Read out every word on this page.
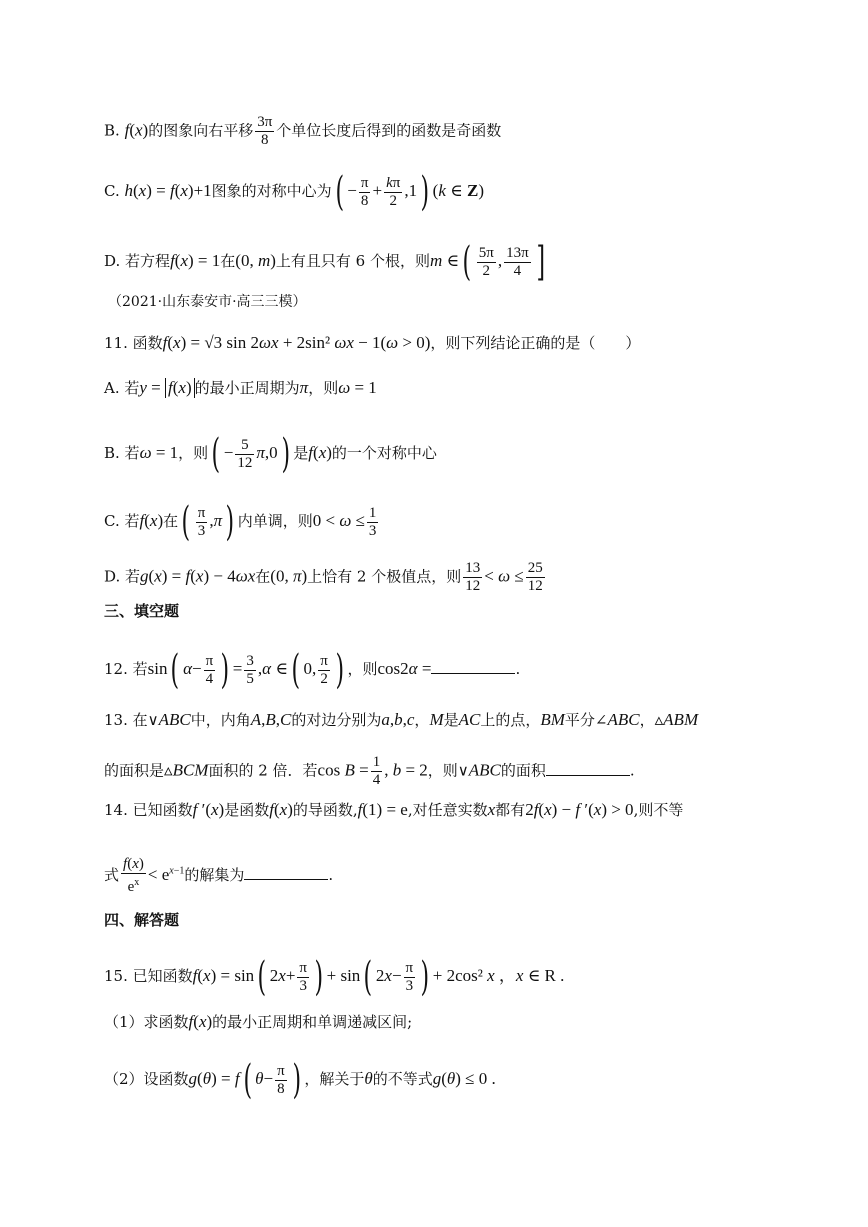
B. f(x)的图象向右平移 $\frac{3\pi}{8}$ 个单位长度后得到的函数是奇函数
C. h(x) = f(x)+1图象的对称中心为( − $\frac{\pi}{8} + \frac{k\pi}{2} ,1$) (k ∈ Z)
D. 若方程f(x) = 1在(0, m)上有且只有 6 个根，则m ∈( $\frac{5\pi}{2}$ , $\frac{13\pi}{4}$ ]
（2021·山东泰安市·高三三模）
11. 函数f(x) = √3 sin 2ωx + 2sin² ωx − 1(ω > 0)，则下列结论正确的是（　　）
A. 若y = f(x) 的最小正周期为π，则ω = 1
B. 若ω = 1，则( − $\frac{5}{12} \pi,0$) 是f(x)的一个对称中心
C. 若f(x)在( $\frac{\pi}{3} ,\pi$) 内单调，则$0 < \omega \le \frac{1}{3}$
D. 若g(x) = f(x) − 4ωx在(0, π)上恰有 2 个极值点，则 $\frac{13}{12} < \omega \le \frac{25}{12}$
三、填空题
12. 若sin( $\alpha- \frac{\pi}{4}$ ) = $\frac{3}{5} ,\alpha$ ∈( 0, $\frac{\pi}{2}$ ) ，则cos2α =	.
13. 在∨ABC中，内角A,B,C的对边分别为a,b,c，M是AC上的点，BM平分∠ABC，▵ABM
的面积是▵BCM面积的 2 倍．若$\cos B = \frac{1}{4}$ , b = 2，则∨ABC的面积	.
14. 已知函数f ′(x)是函数f(x)的导函数,f(1) = e,对任意实数x都有2f(x) − f ′(x) > 0,则不等
式 $\frac{f(x)}{e^x} < e^{x-1}$的解集为	.
四、解答题
15. 已知函数f(x) = sin( $2x+ \frac{\pi}{3}$ ) + sin( $2x- \frac{\pi}{3}$ ) + 2cos² x ，x ∈ R .
（1）求函数f(x)的最小正周期和单调递减区间;
（2）设函数g(θ) = f( $\theta- \frac{\pi}{8}$ ) ，解关于θ的不等式g(θ) ≤ 0 .
